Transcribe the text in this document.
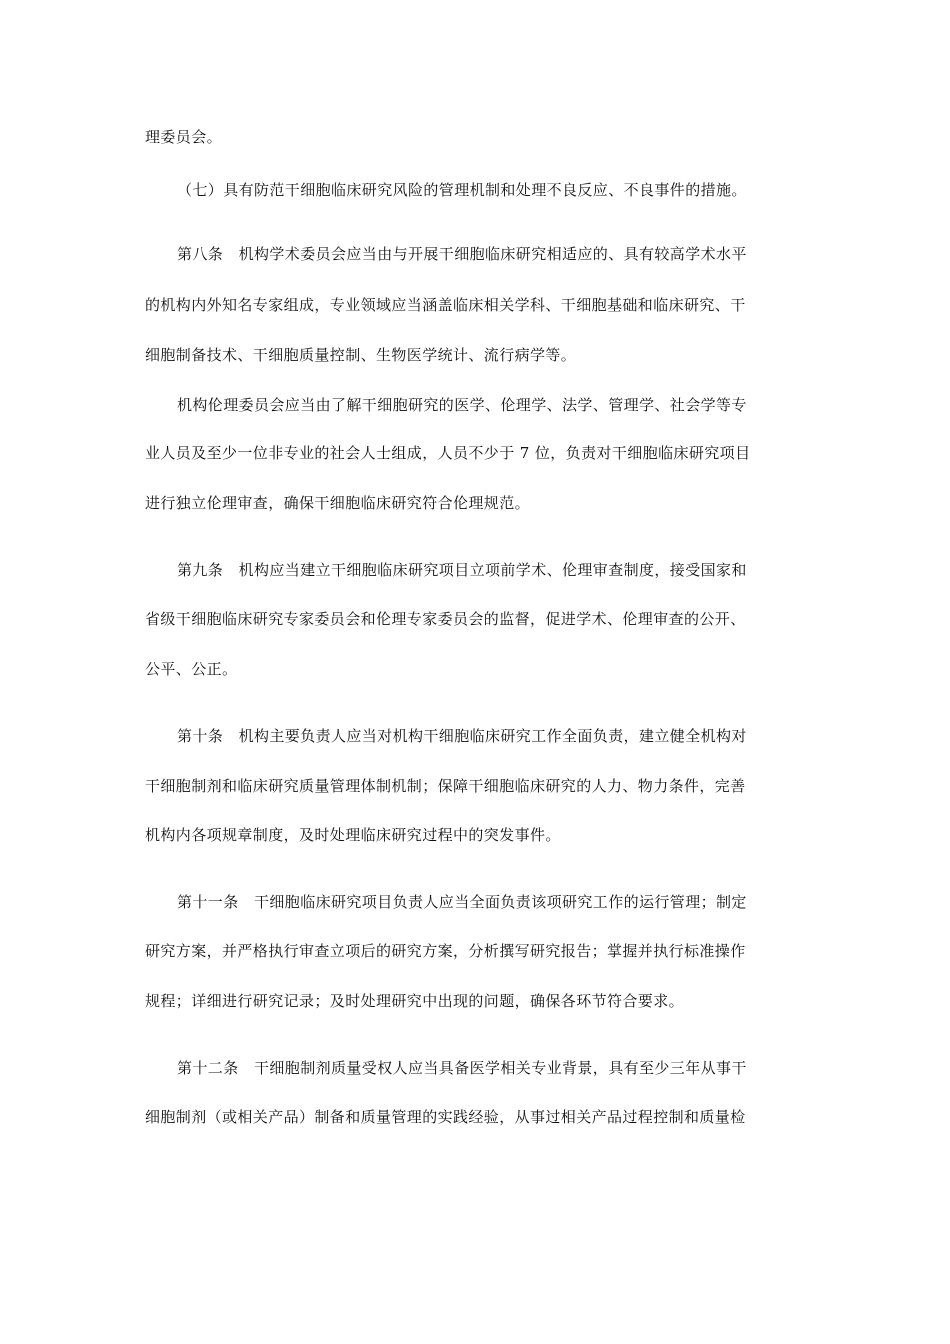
理委员会。
（七）具有防范干细胞临床研究风险的管理机制和处理不良反应、不良事件的措施。
第八条　机构学术委员会应当由与开展干细胞临床研究相适应的、具有较高学术水平
的机构内外知名专家组成，专业领域应当涵盖临床相关学科、干细胞基础和临床研究、干
细胞制备技术、干细胞质量控制、生物医学统计、流行病学等。
机构伦理委员会应当由了解干细胞研究的医学、伦理学、法学、管理学、社会学等专
业人员及至少一位非专业的社会人士组成，人员不少于 7 位，负责对干细胞临床研究项目
进行独立伦理审查，确保干细胞临床研究符合伦理规范。
第九条　机构应当建立干细胞临床研究项目立项前学术、伦理审查制度，接受国家和
省级干细胞临床研究专家委员会和伦理专家委员会的监督，促进学术、伦理审查的公开、
公平、公正。
第十条　机构主要负责人应当对机构干细胞临床研究工作全面负责，建立健全机构对
干细胞制剂和临床研究质量管理体制机制；保障干细胞临床研究的人力、物力条件，完善
机构内各项规章制度，及时处理临床研究过程中的突发事件。
第十一条　干细胞临床研究项目负责人应当全面负责该项研究工作的运行管理；制定
研究方案，并严格执行审查立项后的研究方案，分析撰写研究报告；掌握并执行标准操作
规程；详细进行研究记录；及时处理研究中出现的问题，确保各环节符合要求。
第十二条　干细胞制剂质量受权人应当具备医学相关专业背景，具有至少三年从事干
细胞制剂（或相关产品）制备和质量管理的实践经验，从事过相关产品过程控制和质量检
